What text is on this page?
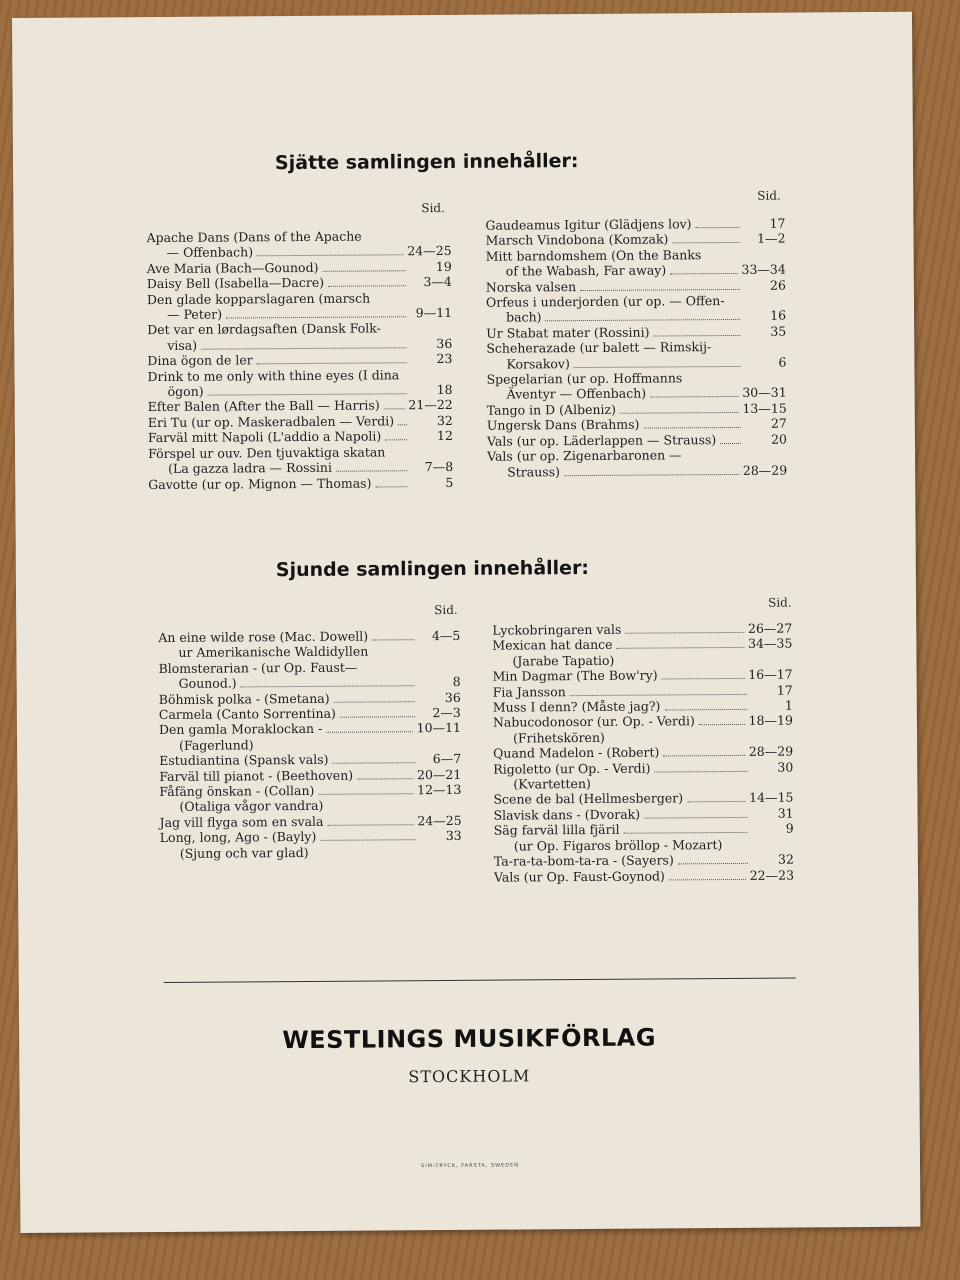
Sjätte samlingen innehåller:
Sid.
Sid.
Apache Dans (Dans of the Apache
— Offenbach)	24—25
Ave Maria (Bach—Gounod)	19
Daisy Bell (Isabella—Dacre)	3—4
Den glade kopparslagaren (marsch
— Peter)	9—11
Det var en lørdagsaften (Dansk Folk-
visa)	36
Dina ögon de ler	23
Drink to me only with thine eyes (I dina
ögon)	18
Efter Balen (After the Ball — Harris) 21—22
Eri Tu (ur op. Maskeradbalen — Verdi)	32
Farväl mitt Napoli (L'addio a Napoli)	12
Förspel ur ouv. Den tjuvaktiga skatan
(La gazza ladra — Rossini	7—8
Gavotte (ur op. Mignon — Thomas)	5
Gaudeamus Igitur (Glädjens lov)	17
Marsch Vindobona (Komzak)	1—2
Mitt barndomshem (On the Banks
of the Wabash, Far away)	33—34
Norska valsen	26
Orfeus i underjorden (ur op. — Offen-
bach)	16
Ur Stabat mater (Rossini)	35
Scheherazade (ur balett — Rimskij-
Korsakov)	6
Spegelarian (ur op. Hoffmanns
Äventyr — Offenbach)	30—31
Tango in D (Albeniz)	13—15
Ungersk Dans (Brahms)	27
Vals (ur op. Läderlappen — Strauss)	20
Vals (ur op. Zigenarbaronen —
Strauss)	28—29
Sjunde samlingen innehåller:
Sid.
Sid.
An eine wilde rose (Mac. Dowell)	4—5
ur Amerikanische Waldidyllen
Blomsterarian - (ur Op. Faust—
Gounod.)	8
Böhmisk polka - (Smetana)	36
Carmela (Canto Sorrentina)	2—3
Den gamla Moraklockan -	10—11
(Fagerlund)
Estudiantina (Spansk vals)	6—7
Farväl till pianot - (Beethoven)	20—21
Fåfäng önskan - (Collan)	12—13
(Otaliga vågor vandra)
Jag vill flyga som en svala	24—25
Long, long, Ago - (Bayly)	33
(Sjung och var glad)
Lyckobringaren vals	26—27
Mexican hat dance	34—35
(Jarabe Tapatio)
Min Dagmar (The Bow'ry)	16—17
Fia Jansson	17
Muss I denn? (Måste jag?)	1
Nabucodonosor (ur. Op. - Verdi)	18—19
(Frihetskören)
Quand Madelon - (Robert)	28—29
Rigoletto (ur Op. - Verdi)	30
(Kvartetten)
Scene de bal (Hellmesberger)	14—15
Slavisk dans - (Dvorak)	31
Säg farväl lilla fjäril	9
(ur Op. Figaros bröllop - Mozart)
Ta-ra-ta-bom-ta-ra - (Sayers)	32
Vals (ur Op. Faust-Goynod)	22—23
WESTLINGS MUSIKFÖRLAG
STOCKHOLM
SIM-TRYCK, FARSTA, SWEDEN
